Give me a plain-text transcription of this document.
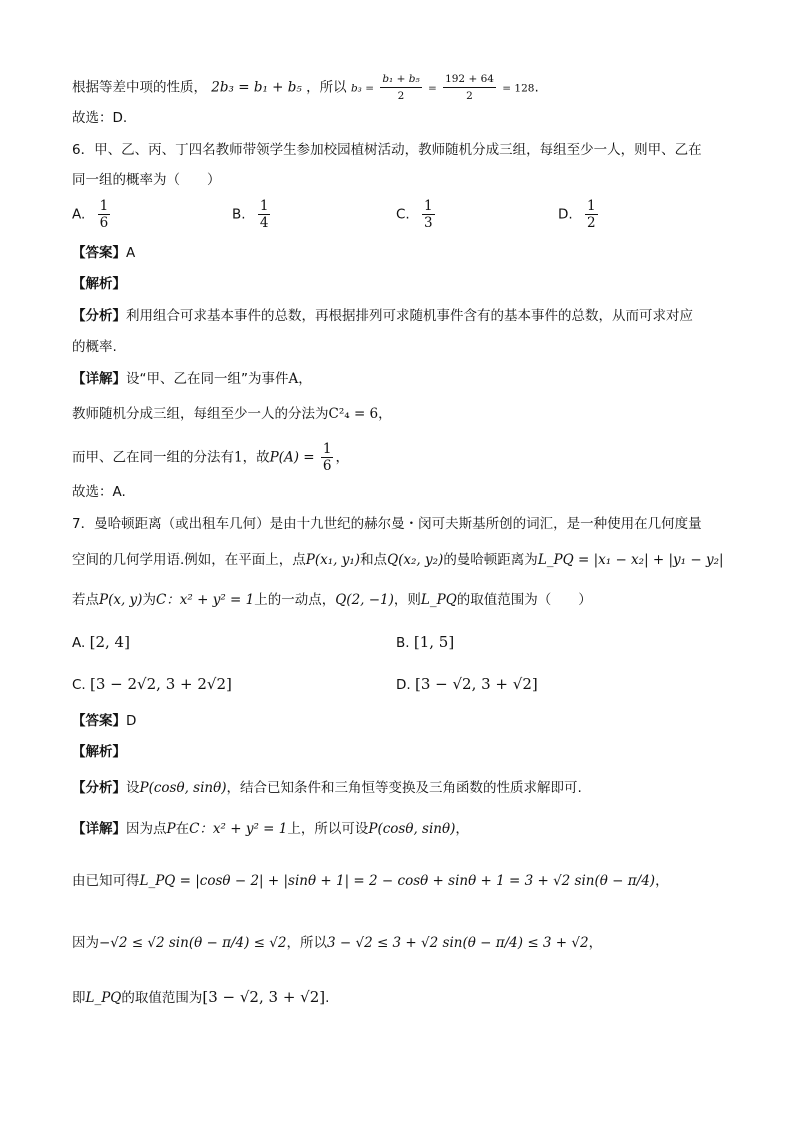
根据等差中项的性质， 2b₃ = b₁ + b₅ ，所以 $b_3 = \frac{\text{b₁ + b₅}}{2} = \frac{192 + 64}{2} = 128$.
故选：D.
6．甲、乙、丙、丁四名教师带领学生参加校园植树活动，教师随机分成三组，每组至少一人，则甲、乙在
同一组的概率为（　　）
A. $\frac{1}{6}$	B. $\frac{1}{4}$	C. $\frac{1}{3}$	D. $\frac{1}{2}$
【答案】A
【解析】
【分析】利用组合可求基本事件的总数，再根据排列可求随机事件含有的基本事件的总数，从而可求对应
的概率.
【详解】设“甲、乙在同一组”为事件A，
教师随机分成三组，每组至少一人的分法为C²₄ = 6，
而甲、乙在同一组的分法有1，故$P(A) = \frac{1}{6}$ ，
故选：A.
7．曼哈顿距离（或出租车几何）是由十九世纪的赫尔曼・闵可夫斯基所创的词汇，是一种使用在几何度量
空间的几何学用语.例如，在平面上，点P(x₁, y₁)和点Q(x₂, y₂)的曼哈顿距离为L_PQ = |x₁ − x₂| + |y₁ − y₂|
若点P(x, y)为C：x² + y² = 1上的一动点，Q(2, −1)，则L_PQ的取值范围为（　　）
A. [2, 4]	B. [1, 5]
C. [3 − 2√2, 3 + 2√2]	D. [3 − √2, 3 + √2]
【答案】D
【解析】
【分析】设P(cosθ, sinθ)，结合已知条件和三角恒等变换及三角函数的性质求解即可.
【详解】因为点P在C：x² + y² = 1上，所以可设P(cosθ, sinθ)，
由已知可得L_PQ = |cosθ − 2| + |sinθ + 1| = 2 − cosθ + sinθ + 1 = 3 + √2 sin(θ − π/4)，
因为−√2 ≤ √2 sin(θ − π/4) ≤ √2，所以3 − √2 ≤ 3 + √2 sin(θ − π/4) ≤ 3 + √2，
即L_PQ的取值范围为[3 − √2, 3 + √2].
